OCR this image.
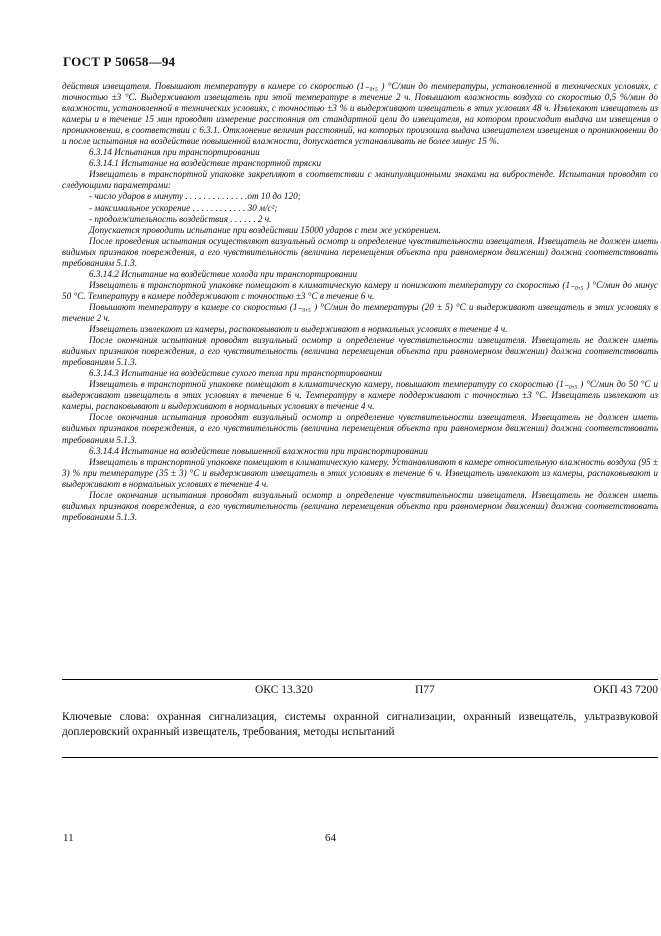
ГОСТ Р 50658—94

действия извещателя. Повышают температуру в камере со скоростью (1₋₀,₅ ) °С/мин до температуры, установленной в технических условиях, с точностью ±3 °С. Выдерживают извещатель при этой температуре в течение 2 ч. Повышают влажность воздуха со скоростью 0,5 %/мин до влажности, установленной в технических условиях, с точностью ±3 % и выдерживают извещатель в этих условиях 48 ч. Извлекают извещатель из камеры и в течение 15 мин проводят измерение расстояния от стандартной цели до извещателя, на котором происходит выдача им извещения о проникновении, в соответствии с 6.3.1. Отклонение величин расстояний, на которых произошла выдача извещателем извещения о проникновении до и после испытания на воздействие повышенной влажности, допускается устанавливать не более минус 15 %.

6.3.14 Испытания при транспортировании

6.3.14.1 Испытание на воздействие транспортной тряски

Извещатель в транспортной упаковке закрепляют в соответствии с манипуляционными знаками на вибростенде. Испытания проводят со следующими параметрами:

- число ударов в минуту . . . . . . . . . . . . . .от 10 до 120;

- максимальное ускорение . . . . . . . . . . . . 30 м/с²;

- продолжительность воздействия . . . . . . 2 ч.

Допускается проводить испытание при воздействии 15000 ударов с тем же ускорением.

После проведения испытания осуществляют визуальный осмотр и определение чувствительности извещателя. Извещатель не должен иметь видимых признаков повреждения, а его чувствительность (величина перемещения объекта при равномерном движении) должна соответствовать требованиям 5.1.3.

6.3.14.2 Испытание на воздействие холода при транспортировании

Извещатель в транспортной упаковке помещают в климатическую камеру и понижают температуру со скоростью (1₋₀,₅ ) °С/мин до минус 50 °С. Температуру в камере поддерживают с точностью ±3 °С в течение 6 ч.

Повышают температуру в камере со скоростью (1₋₀,₅ ) °С/мин до температуры (20 ± 5) °С и выдерживают извещатель в этих условиях в течение 2 ч.

Извещатель извлекают из камеры, распаковывают и выдерживают в нормальных условиях в течение 4 ч.

После окончания испытания проводят визуальный осмотр и определение чувствительности извещателя. Извещатель не должен иметь видимых признаков повреждения, а его чувствительность (величина перемещения объекта при равномерном движении) должна соответствовать требованиям 5.1.3.

6.3.14.3 Испытание на воздействие сухого тепла при транспортировании

Извещатель в транспортной упаковке помещают в климатическую камеру, повышают температуру со скоростью (1₋₀,₅ ) °С/мин до 50 °С и выдерживают извещатель в этих условиях в течение 6 ч. Температуру в камере поддерживают с точностью ±3 °С. Извещатель извлекают из камеры, распаковывают и выдерживают в нормальных условиях в течение 4 ч.

После окончания испытания проводят визуальный осмотр и определение чувствительности извещателя. Извещатель не должен иметь видимых признаков повреждения, а его чувствительность (величина перемещения объекта при равномерном движении) должна соответствовать требованиям 5.1.3.

6.3.14.4 Испытание на воздействие повышенной влажности при транспортировании

Извещатель в транспортной упаковке помещают в климатическую камеру. Устанавливают в камере относительную влажность воздуха (95 ± 3) % при температуре (35 ± 3) °С и выдерживают извещатель в этих условиях в течение 6 ч. Извещатель извлекают из камеры, распаковывают и выдерживают в нормальных условиях в течение 4 ч.

После окончания испытания проводят визуальный осмотр и определение чувствительности извещателя. Извещатель не должен иметь видимых признаков повреждения, а его чувствительность (величина перемещения объекта при равномерном движении) должна соответствовать требованиям 5.1.3.

ОКС 13.320	П77	ОКП 43 7200
Ключевые слова: охранная сигнализация, системы охранной сигнализации, охранный извещатель, ультразвуковой доплеровский охранный извещатель, требования, методы испытаний
11	64
